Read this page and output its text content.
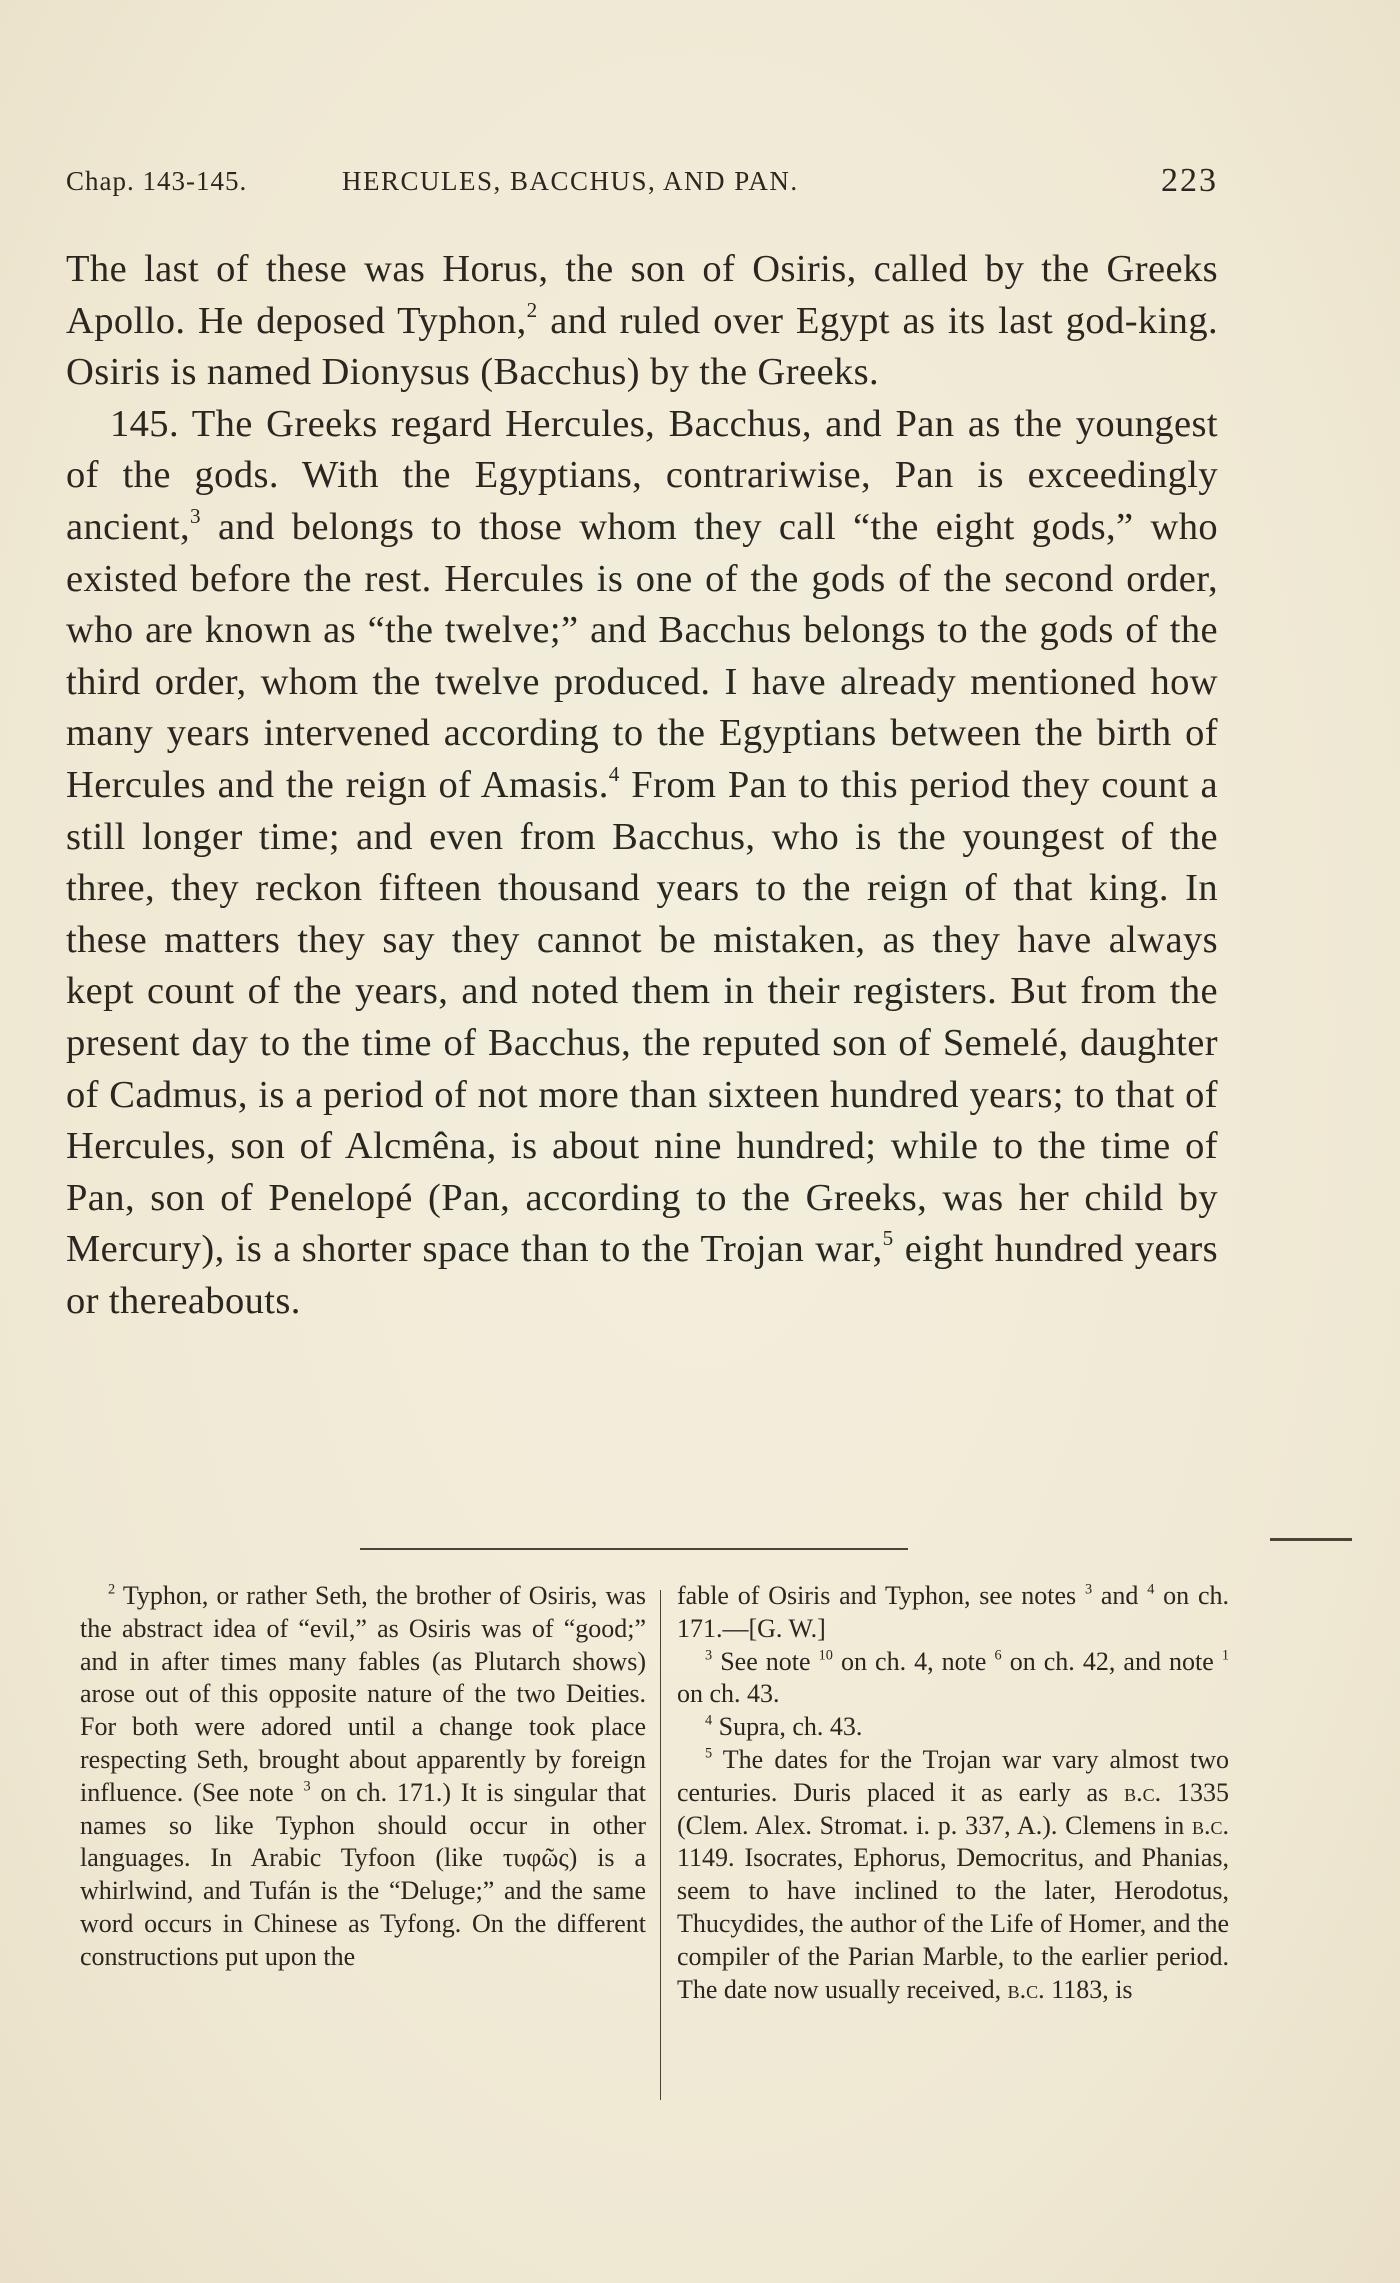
Chap. 143-145.	HERCULES, BACCHUS, AND PAN.	223

The last of these was Horus, the son of Osiris, called by the Greeks Apollo. He deposed Typhon,$^2$ and ruled over Egypt as its last god-king. Osiris is named Dionysus (Bacchus) by the Greeks.

145. The Greeks regard Hercules, Bacchus, and Pan as the youngest of the gods. With the Egyptians, contrariwise, Pan is exceedingly ancient,$^3$ and belongs to those whom they call “the eight gods,” who existed before the rest. Hercules is one of the gods of the second order, who are known as “the twelve;” and Bacchus belongs to the gods of the third order, whom the twelve produced. I have already mentioned how many years intervened according to the Egyptians between the birth of Hercules and the reign of Amasis.$^4$ From Pan to this period they count a still longer time; and even from Bacchus, who is the youngest of the three, they reckon fifteen thousand years to the reign of that king. In these matters they say they cannot be mistaken, as they have always kept count of the years, and noted them in their registers. But from the present day to the time of Bacchus, the reputed son of Semelé, daughter of Cadmus, is a period of not more than sixteen hundred years; to that of Hercules, son of Alcmêna, is about nine hundred; while to the time of Pan, son of Penelopé (Pan, according to the Greeks, was her child by Mercury), is a shorter space than to the Trojan war,$^5$ eight hundred years or thereabouts.

$^2$ Typhon, or rather Seth, the brother of Osiris, was the abstract idea of “evil,” as Osiris was of “good;” and in after times many fables (as Plutarch shows) arose out of this opposite nature of the two Deities. For both were adored until a change took place respecting Seth, brought about apparently by foreign influence. (See note $^3$ on ch. 171.) It is singular that names so like Typhon should occur in other languages. In Arabic Tyfoon (like τυφῶς) is a whirlwind, and Tufán is the “Deluge;” and the same word occurs in Chinese as Tyfong. On the different constructions put upon the

fable of Osiris and Typhon, see notes $^3$ and $^4$ on ch. 171.—[G. W.]

$^3$ See note $^{10}$ on ch. 4, note $^6$ on ch. 42, and note $^1$ on ch. 43.

$^4$ Supra, ch. 43.

$^5$ The dates for the Trojan war vary almost two centuries. Duris placed it as early as b.c. 1335 (Clem. Alex. Stromat. i. p. 337, A.). Clemens in b.c. 1149. Isocrates, Ephorus, Democritus, and Phanias, seem to have inclined to the later, Herodotus, Thucydides, the author of the Life of Homer, and the compiler of the Parian Marble, to the earlier period. The date now usually received, b.c. 1183, is
